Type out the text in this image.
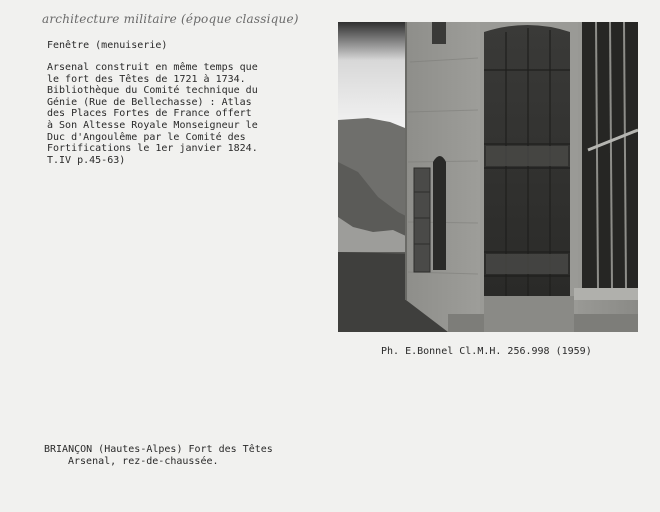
architecture militaire (époque classique)
Fenêtre (menuiserie)
Arsenal construit en même temps que
le fort des Têtes de 1721 à 1734.
Bibliothèque du Comité technique du
Génie (Rue de Bellechasse) : Atlas
des Places Fortes de France offert
à Son Altesse Royale Monseigneur le
Duc d'Angoulême par le Comité des
Fortifications le 1er janvier 1824.
T.IV p.45-63)
Ph. E.Bonnel Cl.M.H. 256.998 (1959)
BRIANÇON (Hautes-Alpes) Fort des Têtes
Arsenal, rez-de-chaussée.
